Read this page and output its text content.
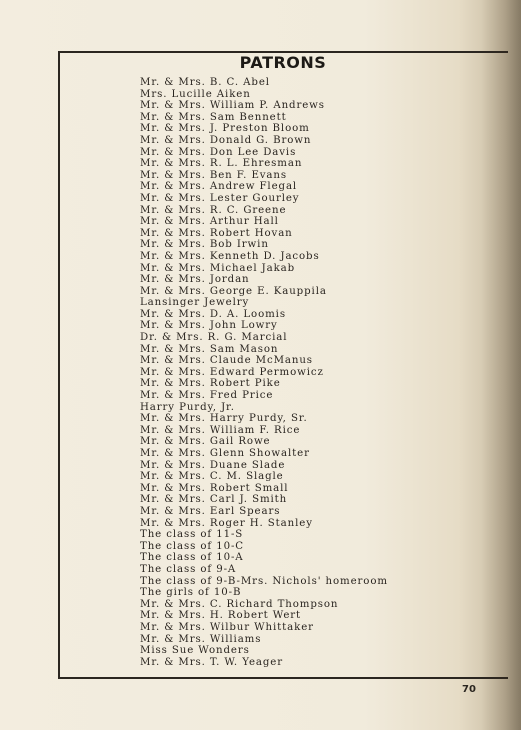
PATRONS
Mr. & Mrs. B. C. Abel
Mrs. Lucille Aiken
Mr. & Mrs. William P. Andrews
Mr. & Mrs. Sam Bennett
Mr. & Mrs. J. Preston Bloom
Mr. & Mrs. Donald G. Brown
Mr. & Mrs. Don Lee Davis
Mr. & Mrs. R. L. Ehresman
Mr. & Mrs. Ben F. Evans
Mr. & Mrs. Andrew Flegal
Mr. & Mrs. Lester Gourley
Mr. & Mrs. R. C. Greene
Mr. & Mrs. Arthur Hall
Mr. & Mrs. Robert Hovan
Mr. & Mrs. Bob Irwin
Mr. & Mrs. Kenneth D. Jacobs
Mr. & Mrs. Michael Jakab
Mr. & Mrs. Jordan
Mr. & Mrs. George E. Kauppila
Lansinger Jewelry
Mr. & Mrs. D. A. Loomis
Mr. & Mrs. John Lowry
Dr. & Mrs. R. G. Marcial
Mr. & Mrs. Sam Mason
Mr. & Mrs. Claude McManus
Mr. & Mrs. Edward Permowicz
Mr. & Mrs. Robert Pike
Mr. & Mrs. Fred Price
Harry Purdy, Jr.
Mr. & Mrs. Harry Purdy, Sr.
Mr. & Mrs. William F. Rice
Mr. & Mrs. Gail Rowe
Mr. & Mrs. Glenn Showalter
Mr. & Mrs. Duane Slade
Mr. & Mrs. C. M. Slagle
Mr. & Mrs. Robert Small
Mr. & Mrs. Carl J. Smith
Mr. & Mrs. Earl Spears
Mr. & Mrs. Roger H. Stanley
The class of 11-S
The class of 10-C
The class of 10-A
The class of 9-A
The class of 9-B-Mrs. Nichols' homeroom
The girls of 10-B
Mr. & Mrs. C. Richard Thompson
Mr. & Mrs. H. Robert Wert
Mr. & Mrs. Wilbur Whittaker
Mr. & Mrs. Williams
Miss Sue Wonders
Mr. & Mrs. T. W. Yeager
70
